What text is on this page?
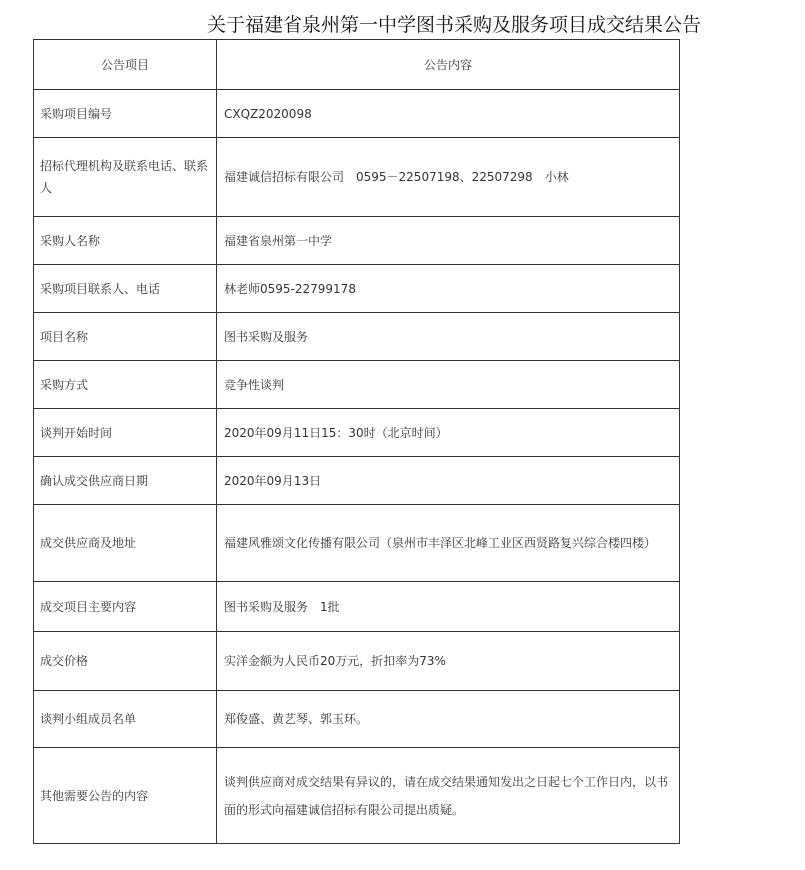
关于福建省泉州第一中学图书采购及服务项目成交结果公告
公告项目	公告内容
采购项目编号	CXQZ2020098
招标代理机构及联系电话、联系人	福建诚信招标有限公司　0595－22507198、22507298　小林
采购人名称	福建省泉州第一中学
采购项目联系人、电话	林老师0595-22799178
项目名称	图书采购及服务
采购方式	竞争性谈判
谈判开始时间	2020年09月11日15：30时（北京时间）
确认成交供应商日期	2020年09月13日
成交供应商及地址	福建风雅颂文化传播有限公司（泉州市丰泽区北峰工业区西贤路复兴综合楼四楼）
成交项目主要内容	图书采购及服务　1批
成交价格	实洋金额为人民币20万元，折扣率为73%
谈判小组成员名单	郑俊盛、黄艺琴、郭玉环。
其他需要公告的内容	谈判供应商对成交结果有异议的，请在成交结果通知发出之日起七个工作日内，以书面的形式向福建诚信招标有限公司提出质疑。
